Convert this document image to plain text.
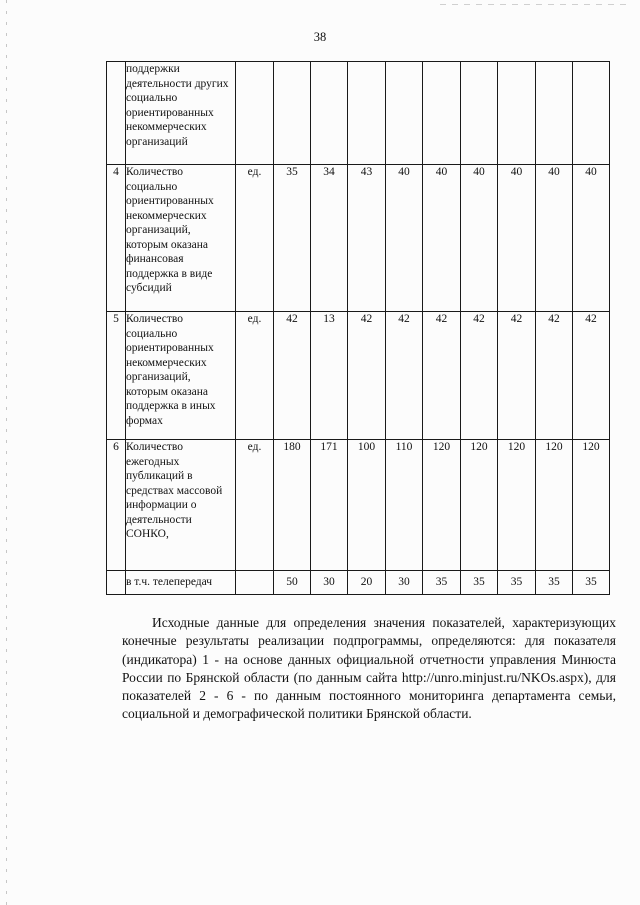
38
	поддержки деятельности других социально ориентированных некоммерческих организаций										
4	Количество социально ориентированных некоммерческих организаций, которым оказана финансовая поддержка в виде субсидий	ед.	35	34	43	40	40	40	40	40	40
5	Количество социально ориентированных некоммерческих организаций, которым оказана поддержка в иных формах	ед.	42	13	42	42	42	42	42	42	42
6	Количество ежегодных публикаций в средствах массовой информации о деятельности СОНКО,	ед.	180	171	100	110	120	120	120	120	120
	в т.ч. телепередач		50	30	20	30	35	35	35	35	35
Исходные данные для определения значения показателей, характеризующих конечные результаты реализации подпрограммы, определяются: для показателя (индикатора) 1 - на основе данных официальной отчетности управления Минюста России по Брянской области (по данным сайта http://unro.minjust.ru/NKOs.aspx), для показателей 2 - 6 - по данным постоянного мониторинга департамента семьи, социальной и демографической политики Брянской области.
